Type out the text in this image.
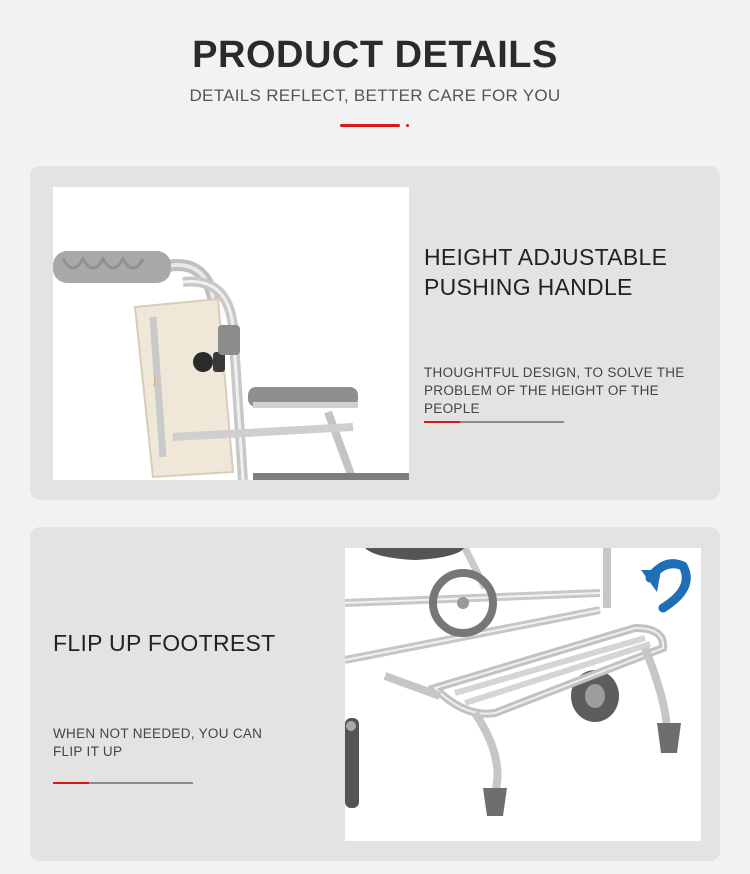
PRODUCT DETAILS
DETAILS REFLECT, BETTER CARE FOR YOU
~~
HEIGHT ADJUSTABLE
PUSHING HANDLE
THOUGHTFUL DESIGN, TO SOLVE THE
PROBLEM OF THE HEIGHT OF THE PEOPLE
FLIP UP FOOTREST
WHEN NOT NEEDED, YOU CAN
FLIP IT UP
